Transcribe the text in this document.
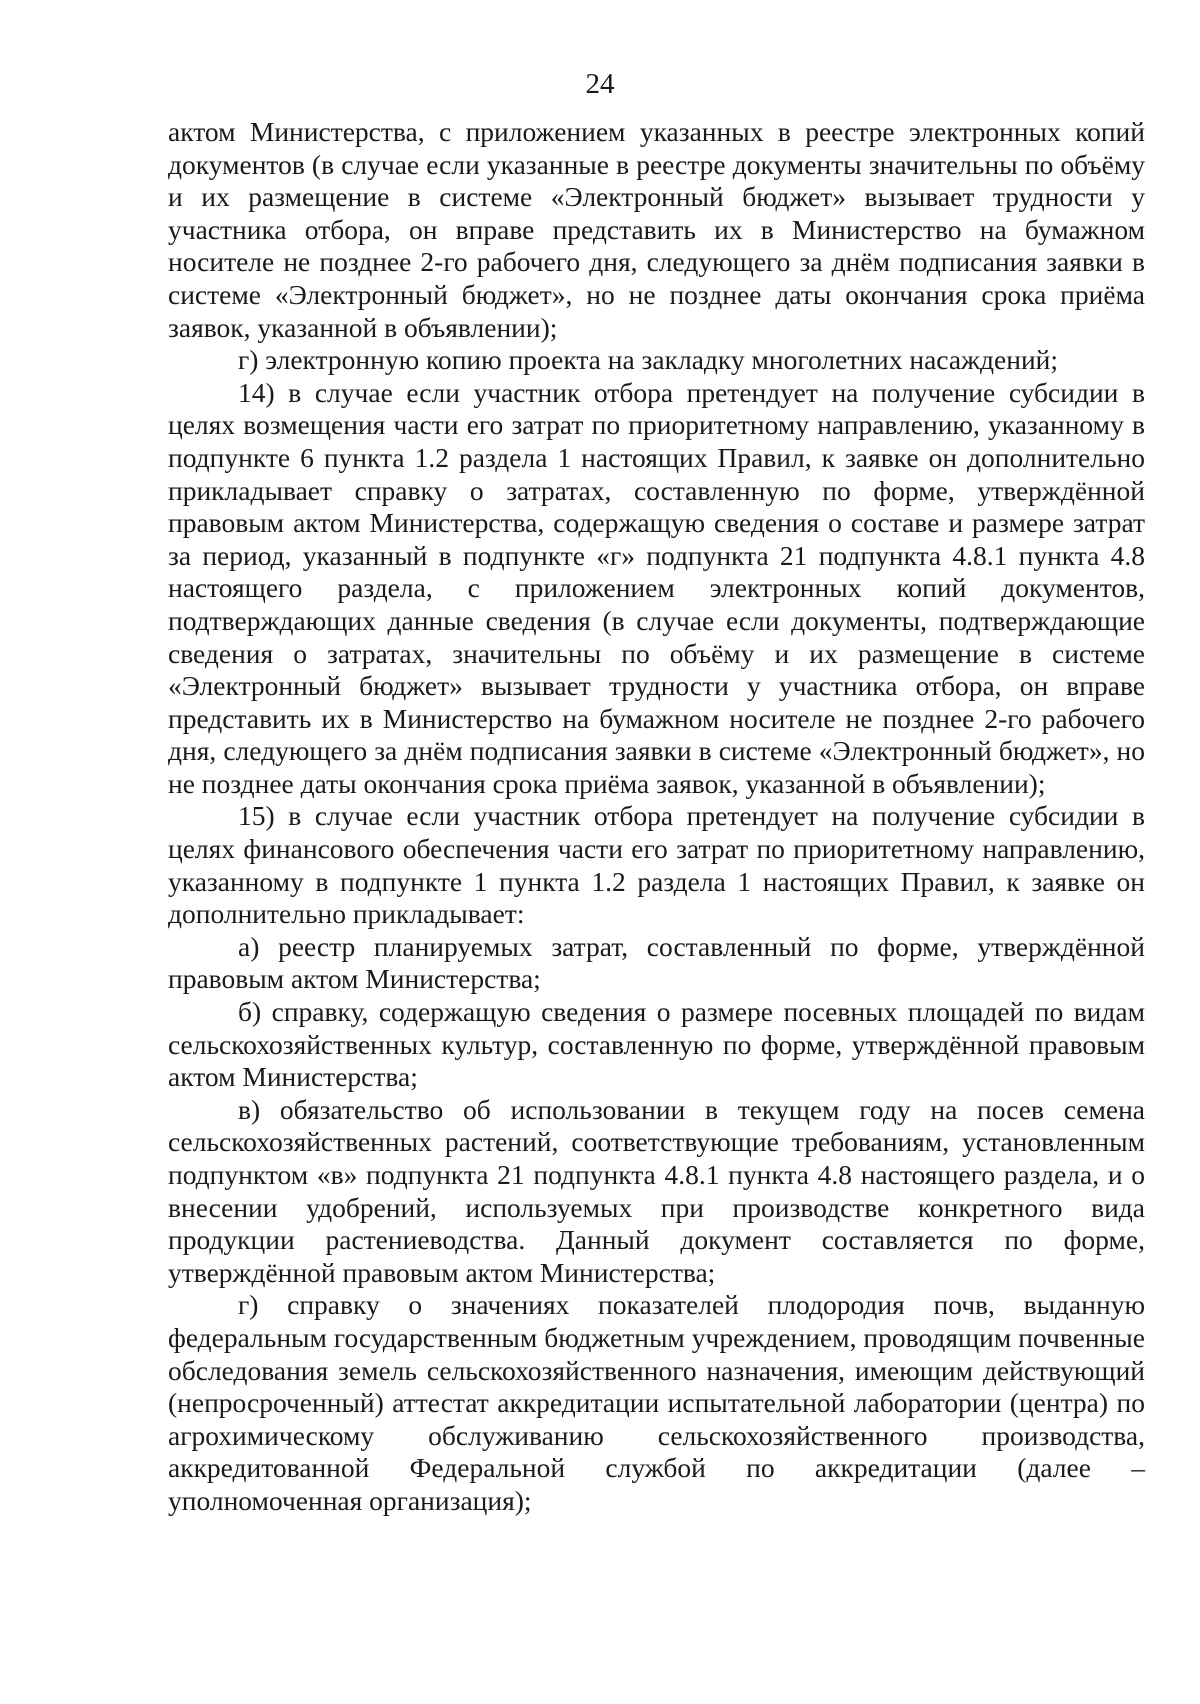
24

актом Министерства, с приложением указанных в реестре электронных копий документов (в случае если указанные в реестре документы значительны по объёму и их размещение в системе «Электронный бюджет» вызывает трудности у участника отбора, он вправе представить их в Министерство на бумажном носителе не позднее 2-го рабочего дня, следующего за днём подписания заявки в системе «Электронный бюджет», но не позднее даты окончания срока приёма заявок, указанной в объявлении);

г) электронную копию проекта на закладку многолетних насаждений;

14) в случае если участник отбора претендует на получение субсидии в целях возмещения части его затрат по приоритетному направлению, указанному в подпункте 6 пункта 1.2 раздела 1 настоящих Правил, к заявке он дополнительно прикладывает справку о затратах, составленную по форме, утверждённой правовым актом Министерства, содержащую сведения о составе и размере затрат за период, указанный в подпункте «г» подпункта 21 подпункта 4.8.1 пункта 4.8 настоящего раздела, с приложением электронных копий документов, подтверждающих данные сведения (в случае если документы, подтверждающие сведения о затратах, значительны по объёму и их размещение в системе «Электронный бюджет» вызывает трудности у участника отбора, он вправе представить их в Министерство на бумажном носителе не позднее 2-го рабочего дня, следующего за днём подписания заявки в системе «Электронный бюджет», но не позднее даты окончания срока приёма заявок, указанной в объявлении);

15) в случае если участник отбора претендует на получение субсидии в целях финансового обеспечения части его затрат по приоритетному направлению, указанному в подпункте 1 пункта 1.2 раздела 1 настоящих Правил, к заявке он дополнительно прикладывает:

а) реестр планируемых затрат, составленный по форме, утверждённой правовым актом Министерства;

б) справку, содержащую сведения о размере посевных площадей по видам сельскохозяйственных культур, составленную по форме, утверждённой правовым актом Министерства;

в) обязательство об использовании в текущем году на посев семена сельскохозяйственных растений, соответствующие требованиям, установленным подпунктом «в» подпункта 21 подпункта 4.8.1 пункта 4.8 настоящего раздела, и о внесении удобрений, используемых при производстве конкретного вида продукции растениеводства. Данный документ составляется по форме, утверждённой правовым актом Министерства;

г) справку о значениях показателей плодородия почв, выданную федеральным государственным бюджетным учреждением, проводящим почвенные обследования земель сельскохозяйственного назначения, имеющим действующий (непросроченный) аттестат аккредитации испытательной лаборатории (центра) по агрохимическому обслуживанию сельскохозяйственного производства, аккредитованной Федеральной службой по аккредитации (далее – уполномоченная организация);
